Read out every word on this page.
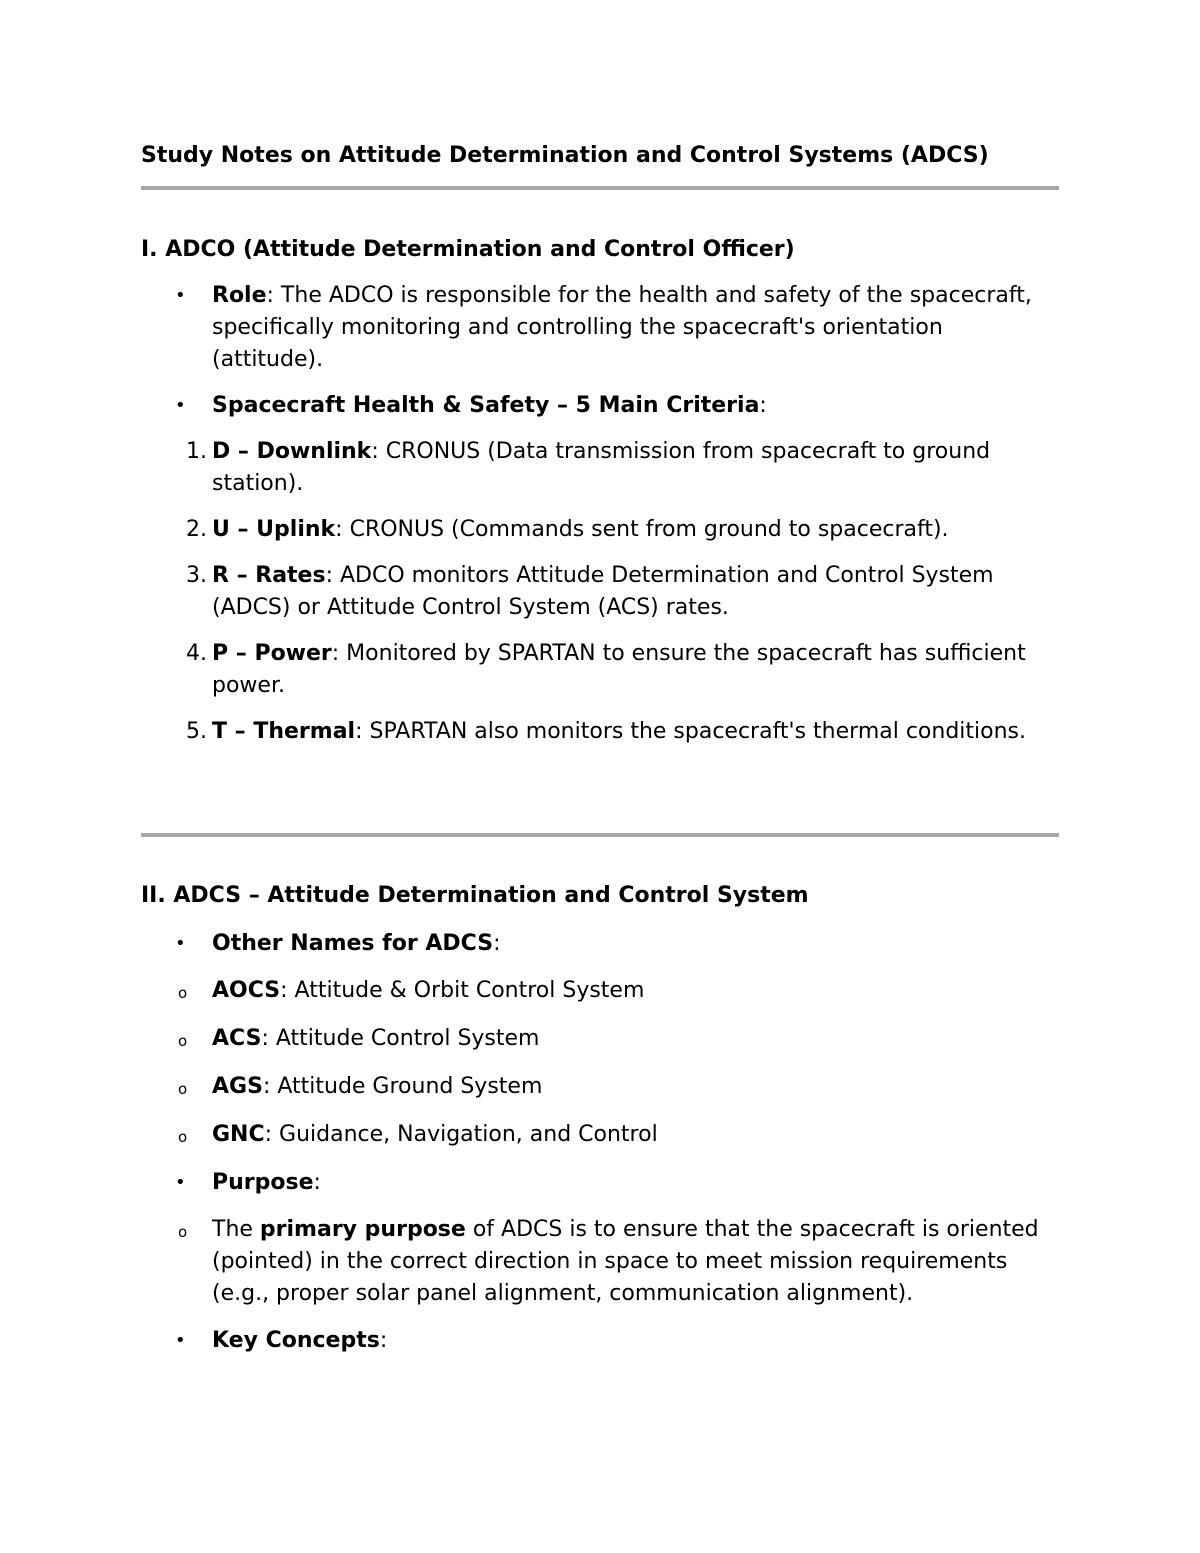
Study Notes on Attitude Determination and Control Systems (ADCS)
I. ADCO (Attitude Determination and Control Officer)
•	Role: The ADCO is responsible for the health and safety of the spacecraft, specifically monitoring and controlling the spacecraft's orientation (attitude).
•	Spacecraft Health & Safety – 5 Main Criteria:
1. D – Downlink: CRONUS (Data transmission from spacecraft to ground station).
2. U – Uplink: CRONUS (Commands sent from ground to spacecraft).
3. R – Rates: ADCO monitors Attitude Determination and Control System (ADCS) or Attitude Control System (ACS) rates.
4. P – Power: Monitored by SPARTAN to ensure the spacecraft has sufficient power.
5. T – Thermal: SPARTAN also monitors the spacecraft's thermal conditions.
II. ADCS – Attitude Determination and Control System
•	Other Names for ADCS:
o AOCS: Attitude & Orbit Control System
o ACS: Attitude Control System
o AGS: Attitude Ground System
o GNC: Guidance, Navigation, and Control
•	Purpose:
o The primary purpose of ADCS is to ensure that the spacecraft is oriented (pointed) in the correct direction in space to meet mission requirements (e.g., proper solar panel alignment, communication alignment).
•	Key Concepts:
